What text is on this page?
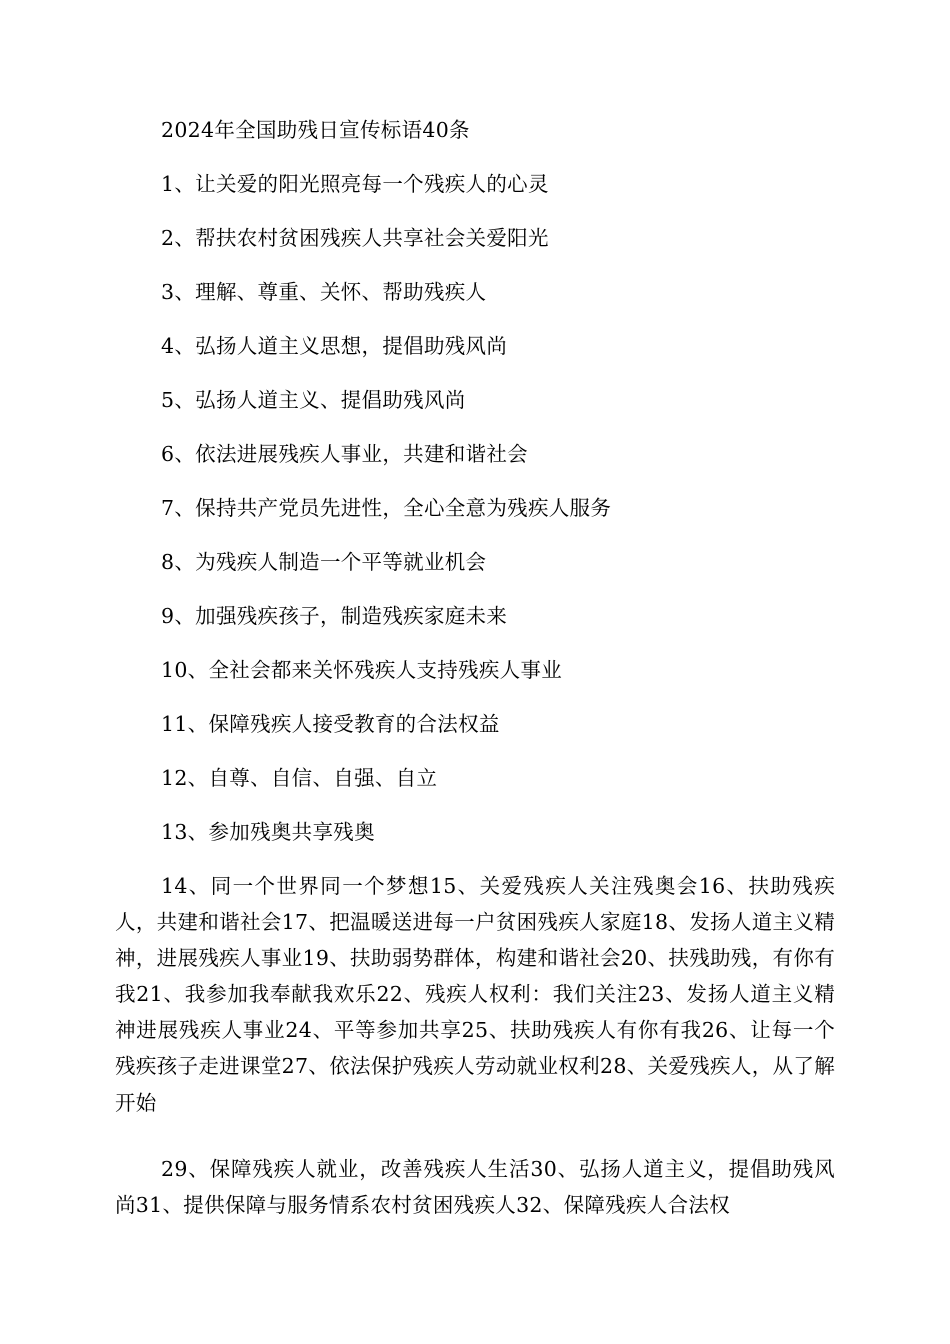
2024年全国助残日宣传标语40条
1、让关爱的阳光照亮每一个残疾人的心灵
2、帮扶农村贫困残疾人共享社会关爱阳光
3、理解、尊重、关怀、帮助残疾人
4、弘扬人道主义思想，提倡助残风尚
5、弘扬人道主义、提倡助残风尚
6、依法进展残疾人事业，共建和谐社会
7、保持共产党员先进性，全心全意为残疾人服务
8、为残疾人制造一个平等就业机会
9、加强残疾孩子，制造残疾家庭未来
10、全社会都来关怀残疾人支持残疾人事业
11、保障残疾人接受教育的合法权益
12、自尊、自信、自强、自立
13、参加残奥共享残奥

14、同一个世界同一个梦想15、关爱残疾人关注残奥会16、扶助残疾人，共建和谐社会17、把温暖送进每一户贫困残疾人家庭18、发扬人道主义精神，进展残疾人事业19、扶助弱势群体，构建和谐社会20、扶残助残，有你有我21、我参加我奉献我欢乐22、残疾人权利：我们关注23、发扬人道主义精神进展残疾人事业24、平等参加共享25、扶助残疾人有你有我26、让每一个残疾孩子走进课堂27、依法保护残疾人劳动就业权利28、关爱残疾人，从了解开始

29、保障残疾人就业，改善残疾人生活30、弘扬人道主义，提倡助残风尚31、提供保障与服务情系农村贫困残疾人32、保障残疾人合法权
